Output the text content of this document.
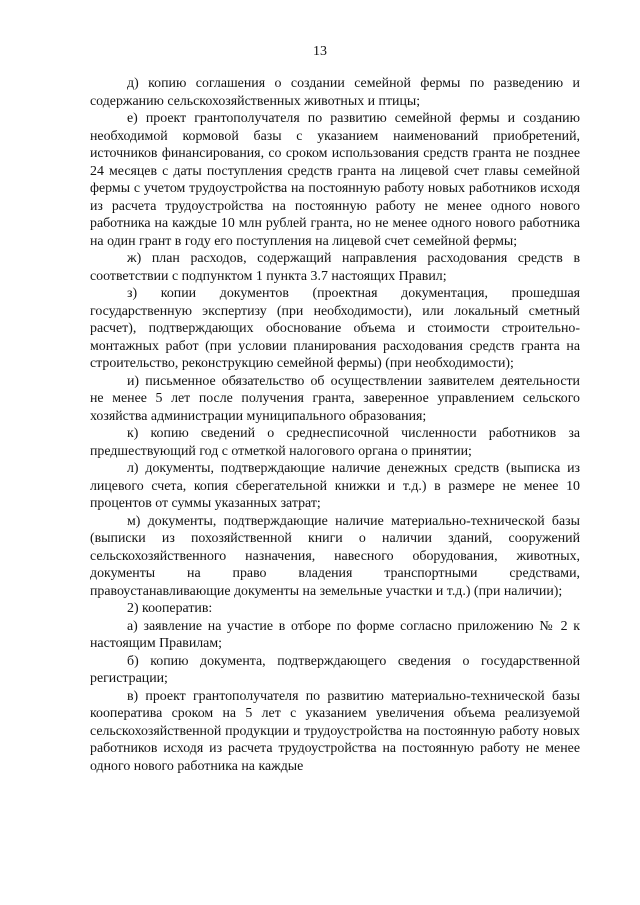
13

д) копию соглашения о создании семейной фермы по разведению и содержанию сельскохозяйственных животных и птицы;

е) проект грантополучателя по развитию семейной фермы и созданию необходимой кормовой базы с указанием наименований приобретений, источников финансирования, со сроком использования средств гранта не позднее 24 месяцев с даты поступления средств гранта на лицевой счет главы семейной фермы с учетом трудоустройства на постоянную работу новых работников исходя из расчета трудоустройства на постоянную работу не менее одного нового работника на каждые 10 млн рублей гранта, но не менее одного нового работника на один грант в году его поступления на лицевой счет семейной фермы;

ж) план расходов, содержащий направления расходования средств в соответствии с подпунктом 1 пункта 3.7 настоящих Правил;

з) копии документов (проектная документация, прошедшая государственную экспертизу (при необходимости), или локальный сметный расчет), подтверждающих обоснование объема и стоимости строительно-монтажных работ (при условии планирования расходования средств гранта на строительство, реконструкцию семейной фермы) (при необходимости);

и) письменное обязательство об осуществлении заявителем деятельности не менее 5 лет после получения гранта, заверенное управлением сельского хозяйства администрации муниципального образования;

к) копию сведений о среднесписочной численности работников за предшествующий год с отметкой налогового органа о принятии;

л) документы, подтверждающие наличие денежных средств (выписка из лицевого счета, копия сберегательной книжки и т.д.) в размере не менее 10 процентов от суммы указанных затрат;

м) документы, подтверждающие наличие материально-технической базы (выписки из похозяйственной книги о наличии зданий, сооружений сельскохозяйственного назначения, навесного оборудования, животных, документы на право владения транспортными средствами, правоустанавливающие документы на земельные участки и т.д.) (при наличии);

2) кооператив:

а) заявление на участие в отборе по форме согласно приложению № 2 к настоящим Правилам;

б) копию документа, подтверждающего сведения о государственной регистрации;

в) проект грантополучателя по развитию материально-технической базы кооператива сроком на 5 лет с указанием увеличения объема реализуемой сельскохозяйственной продукции и трудоустройства на постоянную работу новых работников исходя из расчета трудоустройства на постоянную работу не менее одного нового работника на каждые
